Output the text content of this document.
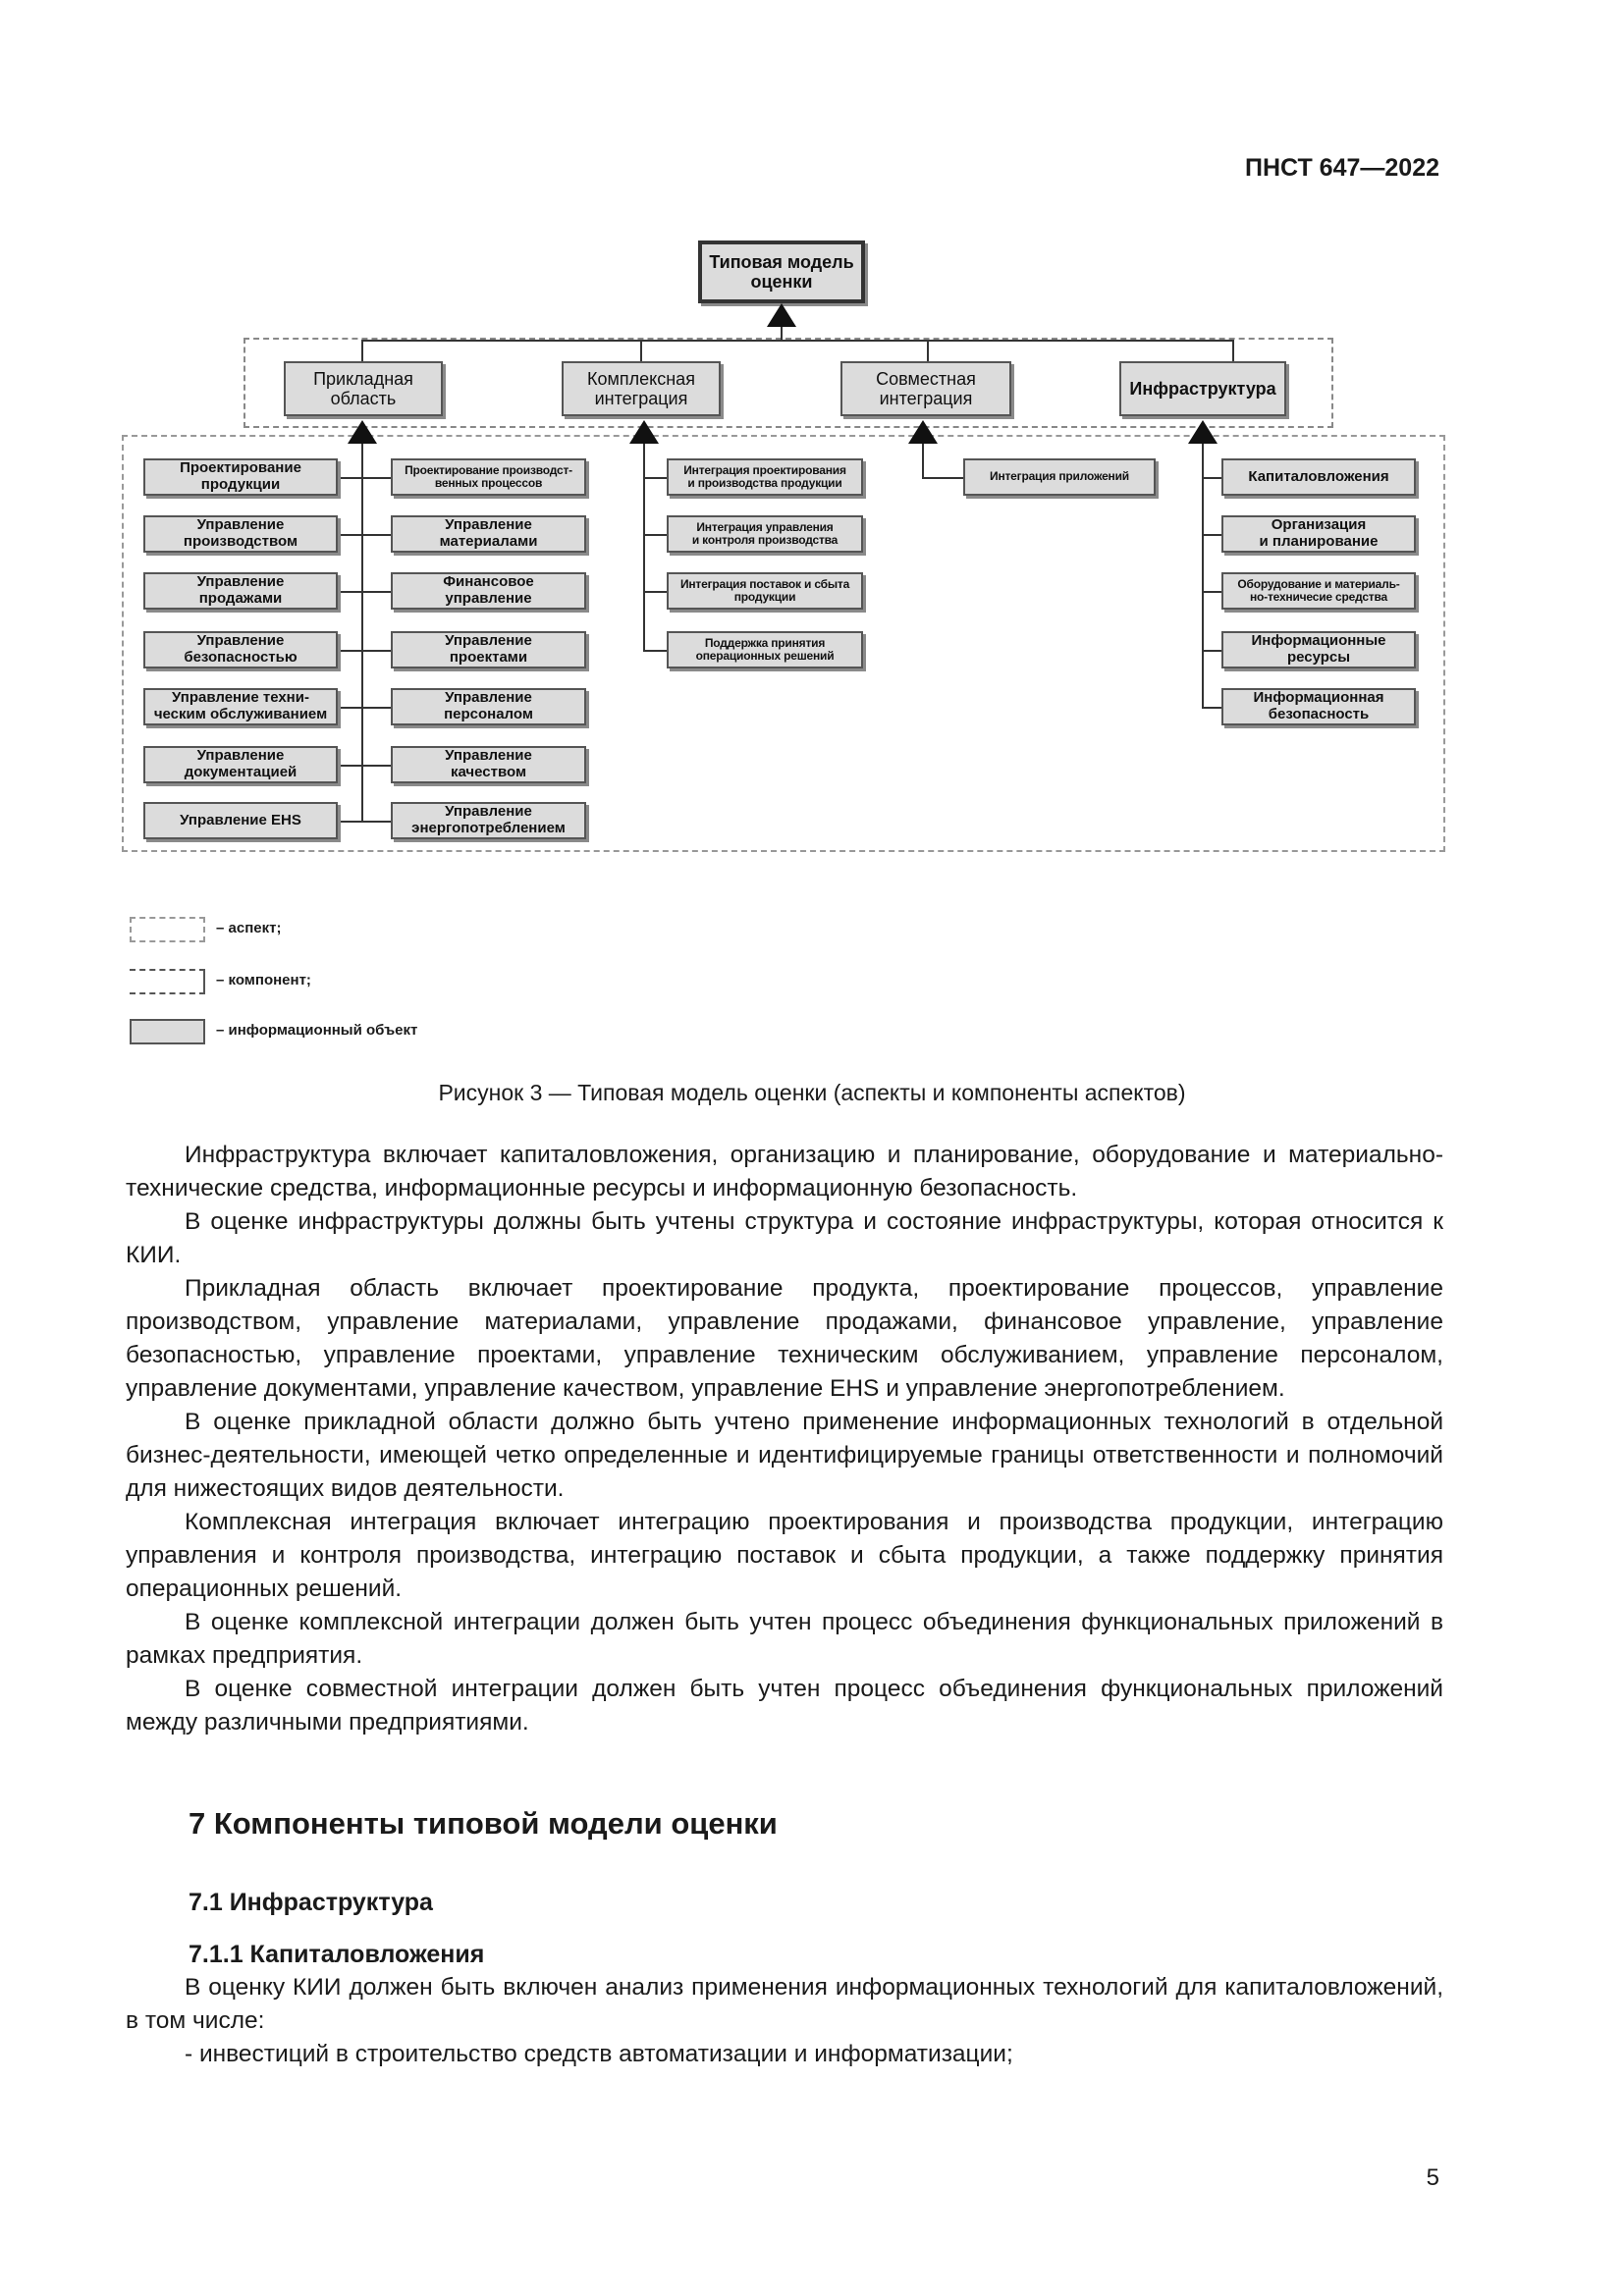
ПНСТ 647—2022
Типовая модель
оценки
Прикладная
область
Комплексная
интеграция
Совместная
интеграция
Инфраструктура
Проектирование
продукции
Управление
производством
Управление
продажами
Управление
безопасностью
Управление техни-
ческим обслуживанием
Управление
документацией
Управление EHS
Проектирование производст-
венных процессов
Управление
материалами
Финансовое
управление
Управление
проектами
Управление
персоналом
Управление
качеством
Управление
энергопотреблением
Интеграция проектирования
и производства продукции
Интеграция управления
и контроля производства
Интеграция поставок и сбыта
продукции
Поддержка принятия
операционных решений
Интеграция приложений	Капиталовложения
Организация
и планирование
Оборудование и материаль-
но-техничесие средства
Информационные
ресурсы
Информационная
безопасность
– аспект;
– компонент;
– информационный объект
Рисунок 3 — Типовая модель оценки (аспекты и компоненты аспектов)

Инфраструктура включает капиталовложения, организацию и планирование, оборудование и материально-технические средства, информационные ресурсы и информационную безопасность.

В оценке инфраструктуры должны быть учтены структура и состояние инфраструктуры, которая относится к КИИ.

Прикладная область включает проектирование продукта, проектирование процессов, управление производством, управление материалами, управление продажами, финансовое управление, управление безопасностью, управление проектами, управление техническим обслуживанием, управление персоналом, управление документами, управление качеством, управление EHS и управление энергопотреблением.

В оценке прикладной области должно быть учтено применение информационных технологий в отдельной бизнес-деятельности, имеющей четко определенные и идентифицируемые границы ответственности и полномочий для нижестоящих видов деятельности.

Комплексная интеграция включает интеграцию проектирования и производства продукции, интеграцию управления и контроля производства, интеграцию поставок и сбыта продукции, а также поддержку принятия операционных решений.

В оценке комплексной интеграции должен быть учтен процесс объединения функциональных приложений в рамках предприятия.

В оценке совместной интеграции должен быть учтен процесс объединения функциональных приложений между различными предприятиями.

7 Компоненты типовой модели оценки
7.1 Инфраструктура
7.1.1 Капиталовложения

В оценку КИИ должен быть включен анализ применения информационных технологий для капиталовложений, в том числе:

- инвестиций в строительство средств автоматизации и информатизации;

5
